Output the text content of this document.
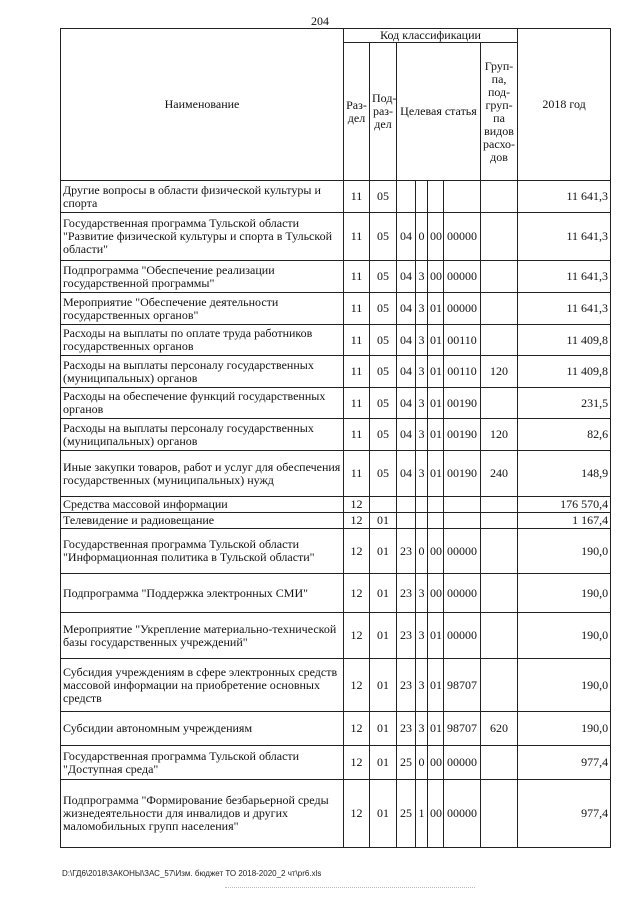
204
Наименование	Код классификации							2018 год
	Раз-дел	Под-раз-дел	Целевая статья				Груп-па, под-груп-па видов расхо-дов	
Другие вопросы в области физической культуры и спорта	11	05						11 641,3
Государственная программа Тульской области "Развитие физической культуры и спорта в Тульской области"	11	05	04	0	00	00000		11 641,3
Подпрограмма "Обеспечение реализации государственной программы"	11	05	04	3	00	00000		11 641,3
Мероприятие "Обеспечение деятельности государственных органов"	11	05	04	3	01	00000		11 641,3
Расходы на выплаты по оплате труда работников государственных органов	11	05	04	3	01	00110		11 409,8
Расходы на выплаты персоналу государственных (муниципальных) органов	11	05	04	3	01	00110	120	11 409,8
Расходы на обеспечение функций государственных органов	11	05	04	3	01	00190		231,5
Расходы на выплаты персоналу государственных (муниципальных) органов	11	05	04	3	01	00190	120	82,6
Иные закупки товаров, работ и услуг для обеспечения государственных (муниципальных) нужд	11	05	04	3	01	00190	240	148,9
Средства массовой информации	12							176 570,4
Телевидение и радиовещание	12	01						1 167,4
Государственная программа Тульской области "Информационная политика в Тульской области"	12	01	23	0	00	00000		190,0
Подпрограмма "Поддержка электронных СМИ"	12	01	23	3	00	00000		190,0
Мероприятие "Укрепление материально-технической базы государственных учреждений"	12	01	23	3	01	00000		190,0
Субсидия учреждениям в сфере электронных средств массовой информации на приобретение основных средств	12	01	23	3	01	98707		190,0
Субсидии автономным учреждениям	12	01	23	3	01	98707	620	190,0
Государственная программа Тульской области "Доступная среда"	12	01	25	0	00	00000		977,4
Подпрограмма "Формирование безбарьерной среды жизнедеятельности для инвалидов и других маломобильных групп населения"	12	01	25	1	00	00000		977,4
D:\ГД6\2018\ЗАКОНЫ\ЗАС_57\Изм. бюджет ТО 2018-2020_2 чт\pr6.xls
